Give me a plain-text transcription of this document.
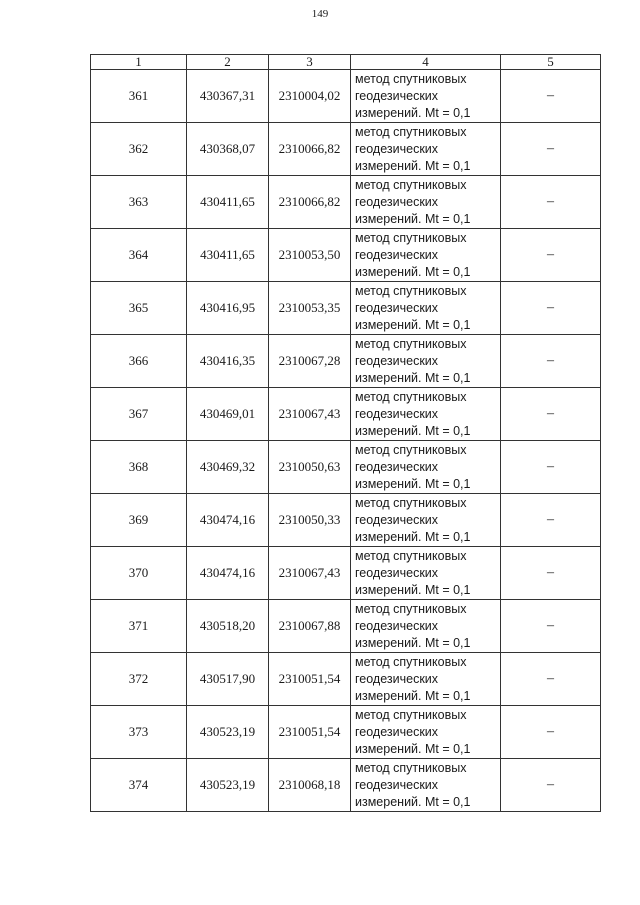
149
1	2	3	4	5
361	430367,31	2310004,02	метод спутниковых
геодезических
измерений. Mt = 0,1	–
362	430368,07	2310066,82	метод спутниковых
геодезических
измерений. Mt = 0,1	–
363	430411,65	2310066,82	метод спутниковых
геодезических
измерений. Mt = 0,1	–
364	430411,65	2310053,50	метод спутниковых
геодезических
измерений. Mt = 0,1	–
365	430416,95	2310053,35	метод спутниковых
геодезических
измерений. Mt = 0,1	–
366	430416,35	2310067,28	метод спутниковых
геодезических
измерений. Mt = 0,1	–
367	430469,01	2310067,43	метод спутниковых
геодезических
измерений. Mt = 0,1	–
368	430469,32	2310050,63	метод спутниковых
геодезических
измерений. Mt = 0,1	–
369	430474,16	2310050,33	метод спутниковых
геодезических
измерений. Mt = 0,1	–
370	430474,16	2310067,43	метод спутниковых
геодезических
измерений. Mt = 0,1	–
371	430518,20	2310067,88	метод спутниковых
геодезических
измерений. Mt = 0,1	–
372	430517,90	2310051,54	метод спутниковых
геодезических
измерений. Mt = 0,1	–
373	430523,19	2310051,54	метод спутниковых
геодезических
измерений. Mt = 0,1	–
374	430523,19	2310068,18	метод спутниковых
геодезических
измерений. Mt = 0,1	–
